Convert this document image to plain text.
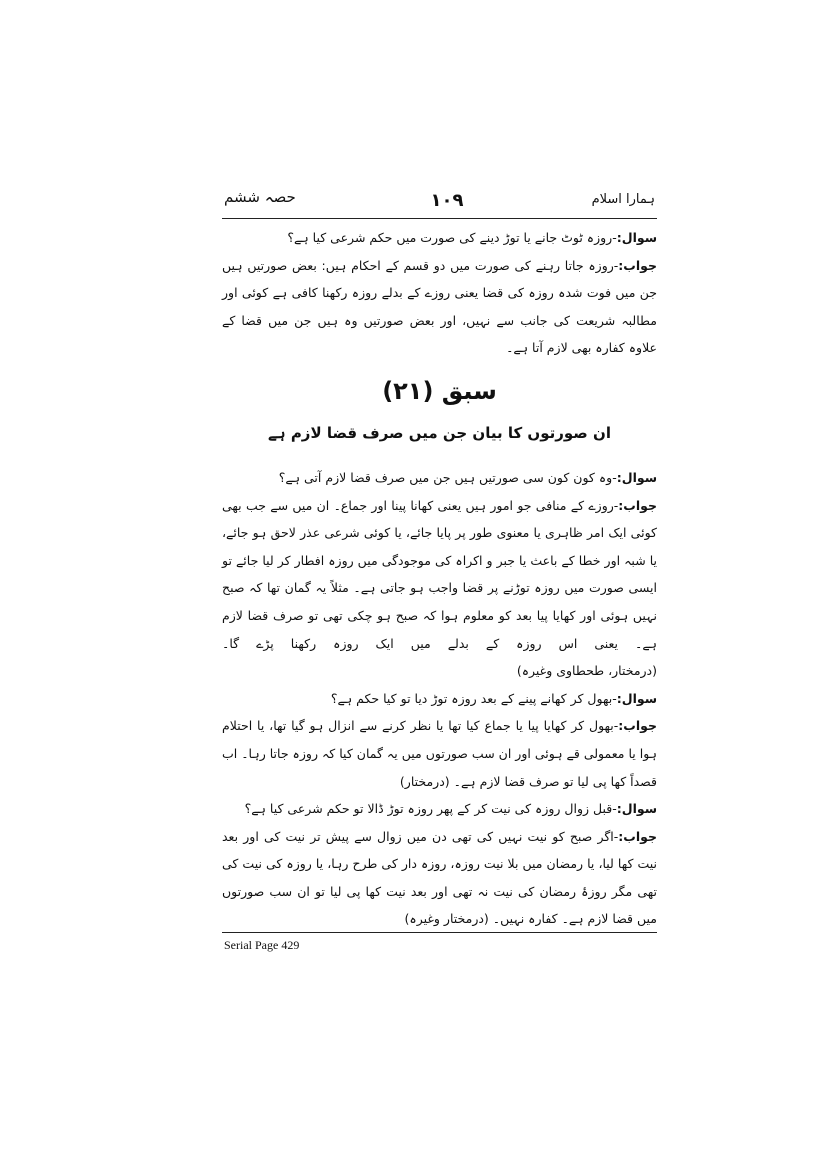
حصہ ششم	۱۰۹	ہمارا اسلام

سوال:-روزہ ٹوٹ جانے یا توڑ دینے کی صورت میں حکم شرعی کیا ہے؟

جواب:-روزہ جاتا رہنے کی صورت میں دو قسم کے احکام ہیں: بعض صورتیں ہیں جن میں فوت شدہ روزہ کی قضا یعنی روزے کے بدلے روزہ رکھنا کافی ہے کوئی اور مطالبہ شریعت کی جانب سے نہیں، اور بعض صورتیں وہ ہیں جن میں قضا کے علاوہ کفارہ بھی لازم آتا ہے۔

سبق (۲۱)
ان صورتوں کا بیان جن میں صرف قضا لازم ہے

سوال:-وہ کون کون سی صورتیں ہیں جن میں صرف قضا لازم آتی ہے؟

جواب:-روزے کے منافی جو امور ہیں یعنی کھانا پینا اور جماع۔ ان میں سے جب بھی کوئی ایک امر ظاہری یا معنوی طور پر پایا جائے، یا کوئی شرعی عذر لاحق ہو جائے، یا شبہ اور خطا کے باعث یا جبر و اکراہ کی موجودگی میں روزہ افطار کر لیا جائے تو ایسی صورت میں روزہ توڑنے پر قضا واجب ہو جاتی ہے۔ مثلاً یہ گمان تھا کہ صبح نہیں ہوئی اور کھایا پیا بعد کو معلوم ہوا کہ صبح ہو چکی تھی تو صرف قضا لازم ہے۔ یعنی اس روزہ کے بدلے میں ایک روزہ رکھنا پڑے گا۔ (درمختار، طحطاوی وغیرہ)

سوال:-بھول کر کھانے پینے کے بعد روزہ توڑ دیا تو کیا حکم ہے؟

جواب:-بھول کر کھایا پیا یا جماع کیا تھا یا نظر کرنے سے انزال ہو گیا تھا، یا احتلام ہوا یا معمولی قے ہوئی اور ان سب صورتوں میں یہ گمان کیا کہ روزہ جاتا رہا۔ اب قصداً کھا پی لیا تو صرف قضا لازم ہے۔ (درمختار)

سوال:-قبل زوال روزہ کی نیت کر کے پھر روزہ توڑ ڈالا تو حکم شرعی کیا ہے؟

جواب:-اگر صبح کو نیت نہیں کی تھی دن میں زوال سے پیش تر نیت کی اور بعد نیت کھا لیا، یا رمضان میں بلا نیت روزہ، روزہ دار کی طرح رہا، یا روزہ کی نیت کی تھی مگر روزۂ رمضان کی نیت نہ تھی اور بعد نیت کھا پی لیا تو ان سب صورتوں میں قضا لازم ہے۔ کفارہ نہیں۔ (درمختار وغیرہ)

Serial Page 429
